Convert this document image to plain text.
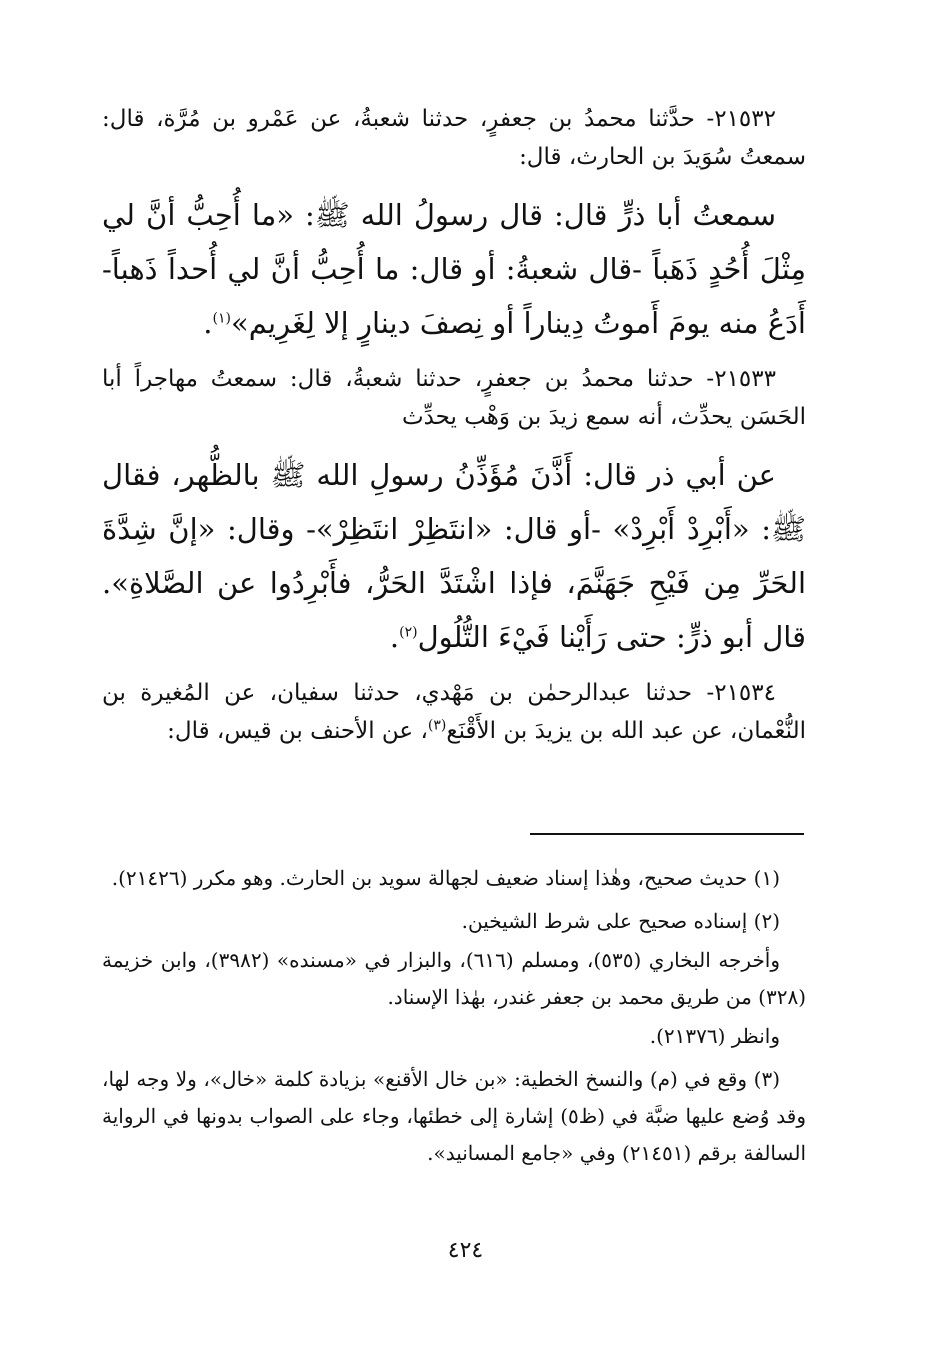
٢١٥٣٢- حدَّثنا محمدُ بن جعفرٍ، حدثنا شعبةُ، عن عَمْرو بن مُرَّة، قال: سمعتُ سُوَيدَ بن الحارث، قال:

سمعتُ أبا ذرٍّ قال: قال رسولُ الله ﷺ: «ما أُحِبُّ أنَّ لي مِثْلَ أُحُدٍ ذَهَباً -قال شعبةُ: أو قال: ما أُحِبُّ أنَّ لي أُحداً ذَهباً- أَدَعُ منه يومَ أَموتُ دِيناراً أو نِصفَ دينارٍ إلا لِغَرِيم»$^{(١)}$.

٢١٥٣٣- حدثنا محمدُ بن جعفرٍ، حدثنا شعبةُ، قال: سمعتُ مهاجراً أبا الحَسَن يحدِّث، أنه سمع زيدَ بن وَهْب يحدِّث

عن أبي ذر قال: أَذَّنَ مُؤَذِّنُ رسولِ الله ﷺ بالظُّهر، فقال ﷺ: «أَبْرِدْ أَبْرِدْ» -أو قال: «انتَظِرْ انتَظِرْ»- وقال: «إنَّ شِدَّةَ الحَرِّ مِن فَيْحِ جَهَنَّمَ، فإذا اشْتَدَّ الحَرُّ، فأَبْرِدُوا عن الصَّلاةِ». قال أبو ذرٍّ: حتى رَأَيْنا فَيْءَ التُّلُول$^{(٢)}$.

٢١٥٣٤- حدثنا عبدالرحمٰن بن مَهْدي، حدثنا سفيان، عن المُغيرة بن النُّعْمان، عن عبد الله بن يزيدَ بن الأَقْنَع$^{(٣)}$، عن الأحنف بن قيس، قال:

(١) حديث صحيح، وهٰذا إسناد ضعيف لجهالة سويد بن الحارث. وهو مكرر (٢١٤٢٦).

(٢) إسناده صحيح على شرط الشيخين.

وأخرجه البخاري (٥٣٥)، ومسلم (٦١٦)، والبزار في «مسنده» (٣٩٨٢)، وابن خزيمة (٣٢٨) من طريق محمد بن جعفر غندر، بهٰذا الإسناد.

وانظر (٢١٣٧٦).

(٣) وقع في (م) والنسخ الخطية: «بن خال الأقنع» بزيادة كلمة «خال»، ولا وجه لها، وقد وُضع عليها ضبَّة في (ظ٥) إشارة إلى خطئها، وجاء على الصواب بدونها في الرواية السالفة برقم (٢١٤٥١) وفي «جامع المسانيد».

٤٢٤
